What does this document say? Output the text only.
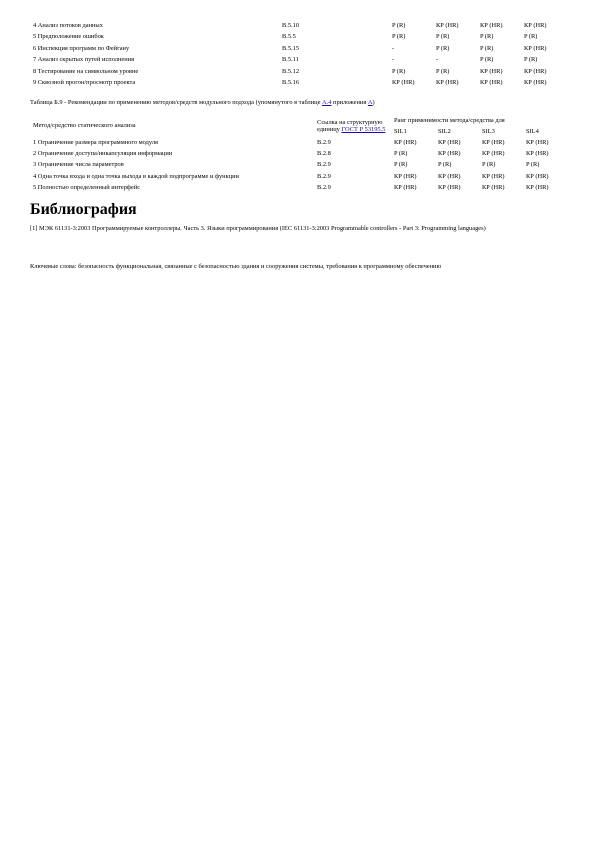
4 Анализ потоков данных	B.5.10	P (R)	КР (HR)	КР (HR)	КР (HR)
5 Предположение ошибок	B.5.5	P (R)	P (R)	P (R)	P (R)
6 Инспекция программ по Фейгану	B.5.15	-	P (R)	P (R)	КР (HR)
7 Анализ скрытых путей исполнения	B.5.11	-	-	P (R)	P (R)
8 Тестирование на символьном уровне	B.5.12	P (R)	P (R)	КР (HR)	КР (HR)
9 Сквозной прогон/просмотр проекта	B.5.16	КР (HR)	КР (HR)	КР (HR)	КР (HR)

Таблица Б.9 - Рекомендации по применению методов/средств модульного подхода (упомянутого в таблице А.4 приложения А)

Метод/средство статического анализа	Ссылка на структурную единицу ГОСТ Р 53195.5	Ранг применимости метода/средства для			
		SIL1	SIL2	SIL3	SIL4
1 Ограничение размера программного модуля	B.2.9	КР (HR)	КР (HR)	КР (HR)	КР (HR)
2 Ограничение доступа/инкапсуляция информации	B.2.8	P (R)	КР (HR)	КР (HR)	КР (HR)
3 Ограничение числа параметров	B.2.9	P (R)	P (R)	P (R)	P (R)
4 Одна точка входа и одна точка выхода в каждой подпрограмме и функции	B.2.9	КР (HR)	КР (HR)	КР (HR)	КР (HR)
5 Полностью определенный интерфейс	B.2.9	КР (HR)	КР (HR)	КР (HR)	КР (HR)
Библиография

[1] МЭК 61131-3:2003 Программируемые контроллеры. Часть 3. Языки программирования (IEC 61131-3:2003 Programmable controllers - Part 3: Programming languages)

Ключевые слова: безопасность функциональная, связанные с безопасностью здания и сооружения системы, требования к программному обеспечению
